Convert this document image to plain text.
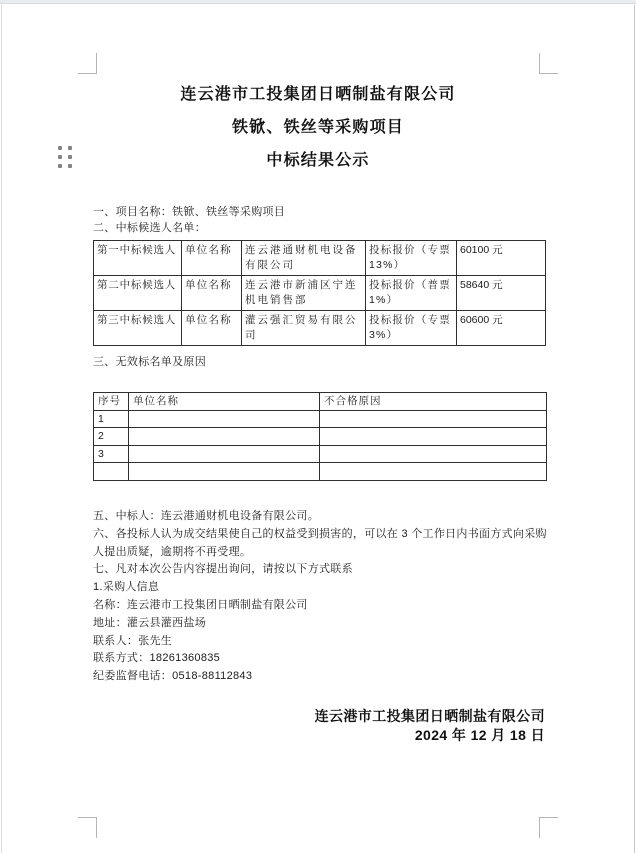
连云港市工投集团日晒制盐有限公司
铁锨、铁丝等采购项目
中标结果公示
一、项目名称：铁锨、铁丝等采购项目
二、中标候选人名单：
第一中标候选人	单位名称	连云港通财机电设备有限公司	投标报价（专票13%）	60100 元
第二中标候选人	单位名称	连云港市新浦区宁连机电销售部	投标报价（普票1%）	58640 元
第三中标候选人	单位名称	灌云强汇贸易有限公司	投标报价（专票3%）	60600 元
三、无效标名单及原因
序号	单位名称	不合格原因
1		
2		
3		

五、中标人：连云港通财机电设备有限公司。
六、各投标人认为成交结果使自己的权益受到损害的，可以在 3 个工作日内书面方式向采购
人提出质疑，逾期将不再受理。
七、凡对本次公告内容提出询问，请按以下方式联系
1.采购人信息
名称：连云港市工投集团日晒制盐有限公司
地址：灌云县灌西盐场
联系人：张先生
联系方式：18261360835
纪委监督电话：0518-88112843
连云港市工投集团日晒制盐有限公司
2024 年 12 月 18 日
